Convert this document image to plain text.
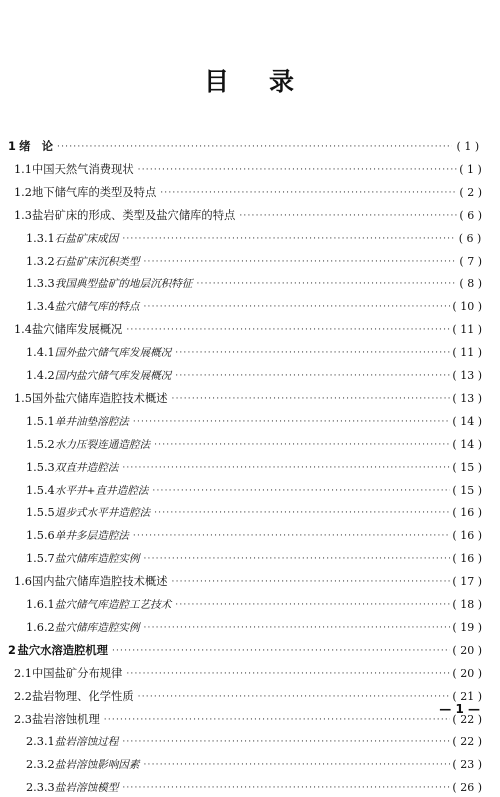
目 录
1 绪　论 ·····	( 1 )
1.1 中国天然气消费现状 ·····	( 1 )
1.2 地下储气库的类型及特点 ·····	( 2 )
1.3 盐岩矿床的形成、类型及盐穴储库的特点 ·····	( 6 )
1.3.1 石盐矿床成因 ·····	( 6 )
1.3.2 石盐矿床沉积类型 ·····	( 7 )
1.3.3 我国典型盐矿的地层沉积特征 ·····	( 8 )
1.3.4 盐穴储气库的特点 ·····	( 10 )
1.4 盐穴储库发展概况 ·····	( 11 )
1.4.1 国外盐穴储气库发展概况 ·····	( 11 )
1.4.2 国内盐穴储气库发展概况 ·····	( 13 )
1.5 国外盐穴储库造腔技术概述 ·····	( 13 )
1.5.1 单井油垫溶腔法 ·····	( 14 )
1.5.2 水力压裂连通造腔法 ·····	( 14 )
1.5.3 双直井造腔法 ·····	( 15 )
1.5.4 水平井+直井造腔法 ·····	( 15 )
1.5.5 退步式水平井造腔法 ·····	( 16 )
1.5.6 单井多层造腔法 ·····	( 16 )
1.5.7 盐穴储库造腔实例 ·····	( 16 )
1.6 国内盐穴储库造腔技术概述 ·····	( 17 )
1.6.1 盐穴储气库造腔工艺技术 ·····	( 18 )
1.6.2 盐穴储库造腔实例 ·····	( 19 )
2 盐穴水溶造腔机理 ·····	( 20 )
2.1 中国盐矿分布规律 ·····	( 20 )
2.2 盐岩物理、化学性质 ·····	( 21 )
2.3 盐岩溶蚀机理 ·····	( 22 )
2.3.1 盐岩溶蚀过程 ·····	( 22 )
2.3.2 盐岩溶蚀影响因素 ·····	( 23 )
2.3.3 盐岩溶蚀模型 ·····	( 26 )
— 1 —
